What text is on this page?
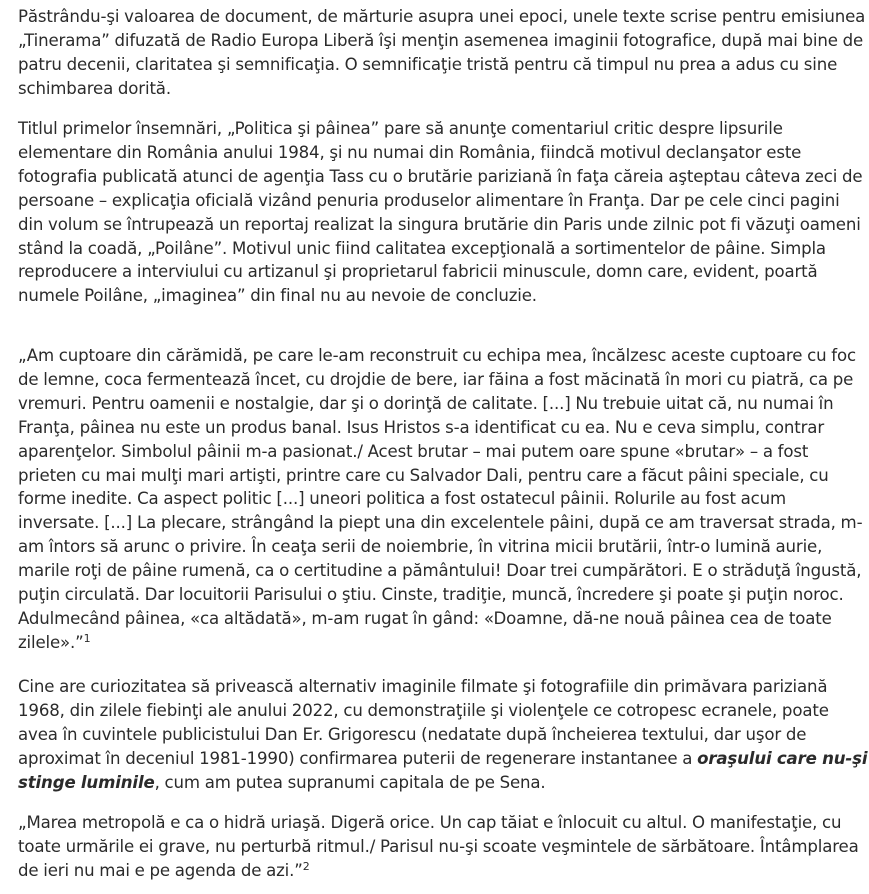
Păstrându-şi valoarea de document, de mărturie asupra unei epoci, unele texte scrise pentru emisiunea „Tinerama” difuzată de Radio Europa Liberă îşi menţin asemenea imaginii fotografice, după mai bine de patru decenii, claritatea şi semnificaţia. O semnificaţie tristă pentru că timpul nu prea a adus cu sine schimbarea dorită.

Titlul primelor însemnări, „Politica şi pâinea” pare să anunţe comentariul critic despre lipsurile elementare din România anului 1984, şi nu numai din România, fiindcă motivul declanşator este fotografia publicată atunci de agenţia Tass cu o brutărie pariziană în faţa căreia aşteptau câteva zeci de persoane – explicaţia oficială vizând penuria produselor alimentare în Franţa. Dar pe cele cinci pagini din volum se întrupează un reportaj realizat la singura brutărie din Paris unde zilnic pot fi văzuţi oameni stând la coadă, „Poilâne”. Motivul unic fiind calitatea excepţională a sortimentelor de pâine. Simpla reproducere a interviului cu artizanul şi proprietarul fabricii minuscule, domn care, evident, poartă numele Poilâne, „imaginea” din final nu au nevoie de concluzie.

„Am cuptoare din cărămidă, pe care le-am reconstruit cu echipa mea, încălzesc aceste cuptoare cu foc de lemne, coca fermentează încet, cu drojdie de bere, iar făina a fost măcinată în mori cu piatră, ca pe vremuri. Pentru oamenii e nostalgie, dar şi o dorinţă de calitate. [...] Nu trebuie uitat că, nu numai în Franţa, pâinea nu este un produs banal. Isus Hristos s-a identificat cu ea. Nu e ceva simplu, contrar aparenţelor. Simbolul pâinii m-a pasionat./ Acest brutar – mai putem oare spune «brutar» – a fost prieten cu mai mulţi mari artişti, printre care cu Salvador Dali, pentru care a făcut pâini speciale, cu forme inedite. Ca aspect politic [...] uneori politica a fost ostatecul pâinii. Rolurile au fost acum inversate. [...] La plecare, strângând la piept una din excelentele pâini, după ce am traversat strada, m-am întors să arunc o privire. În ceaţa serii de noiembrie, în vitrina micii brutării, într-o lumină aurie, marile roţi de pâine rumenă, ca o certitudine a pământului! Doar trei cumpărători. E o străduţă îngustă, puţin circulată. Dar locuitorii Parisului o ştiu. Cinste, tradiţie, muncă, încredere şi poate şi puţin noroc. Adulmecând pâinea, «ca altădată», m-am rugat în gând: «Doamne, dă-ne nouă pâinea cea de toate zilele».”$^1$

Cine are curiozitatea să privească alternativ imaginile filmate şi fotografiile din primăvara pariziană 1968, din zilele fiebinţi ale anului 2022, cu demonstraţiile şi violenţele ce cotropesc ecranele, poate avea în cuvintele publicistului Dan Er. Grigorescu (nedatate după încheierea textului, dar uşor de aproximat în deceniul 1981-1990) confirmarea puterii de regenerare instantanee a oraşului care nu-şi stinge luminile, cum am putea supranumi capitala de pe Sena.

„Marea metropolă e ca o hidră uriaşă. Digeră orice. Un cap tăiat e înlocuit cu altul. O manifestaţie, cu toate urmările ei grave, nu perturbă ritmul./ Parisul nu-şi scoate veşmintele de sărbătoare. Întâmplarea de ieri nu mai e pe agenda de azi.”$^2$
